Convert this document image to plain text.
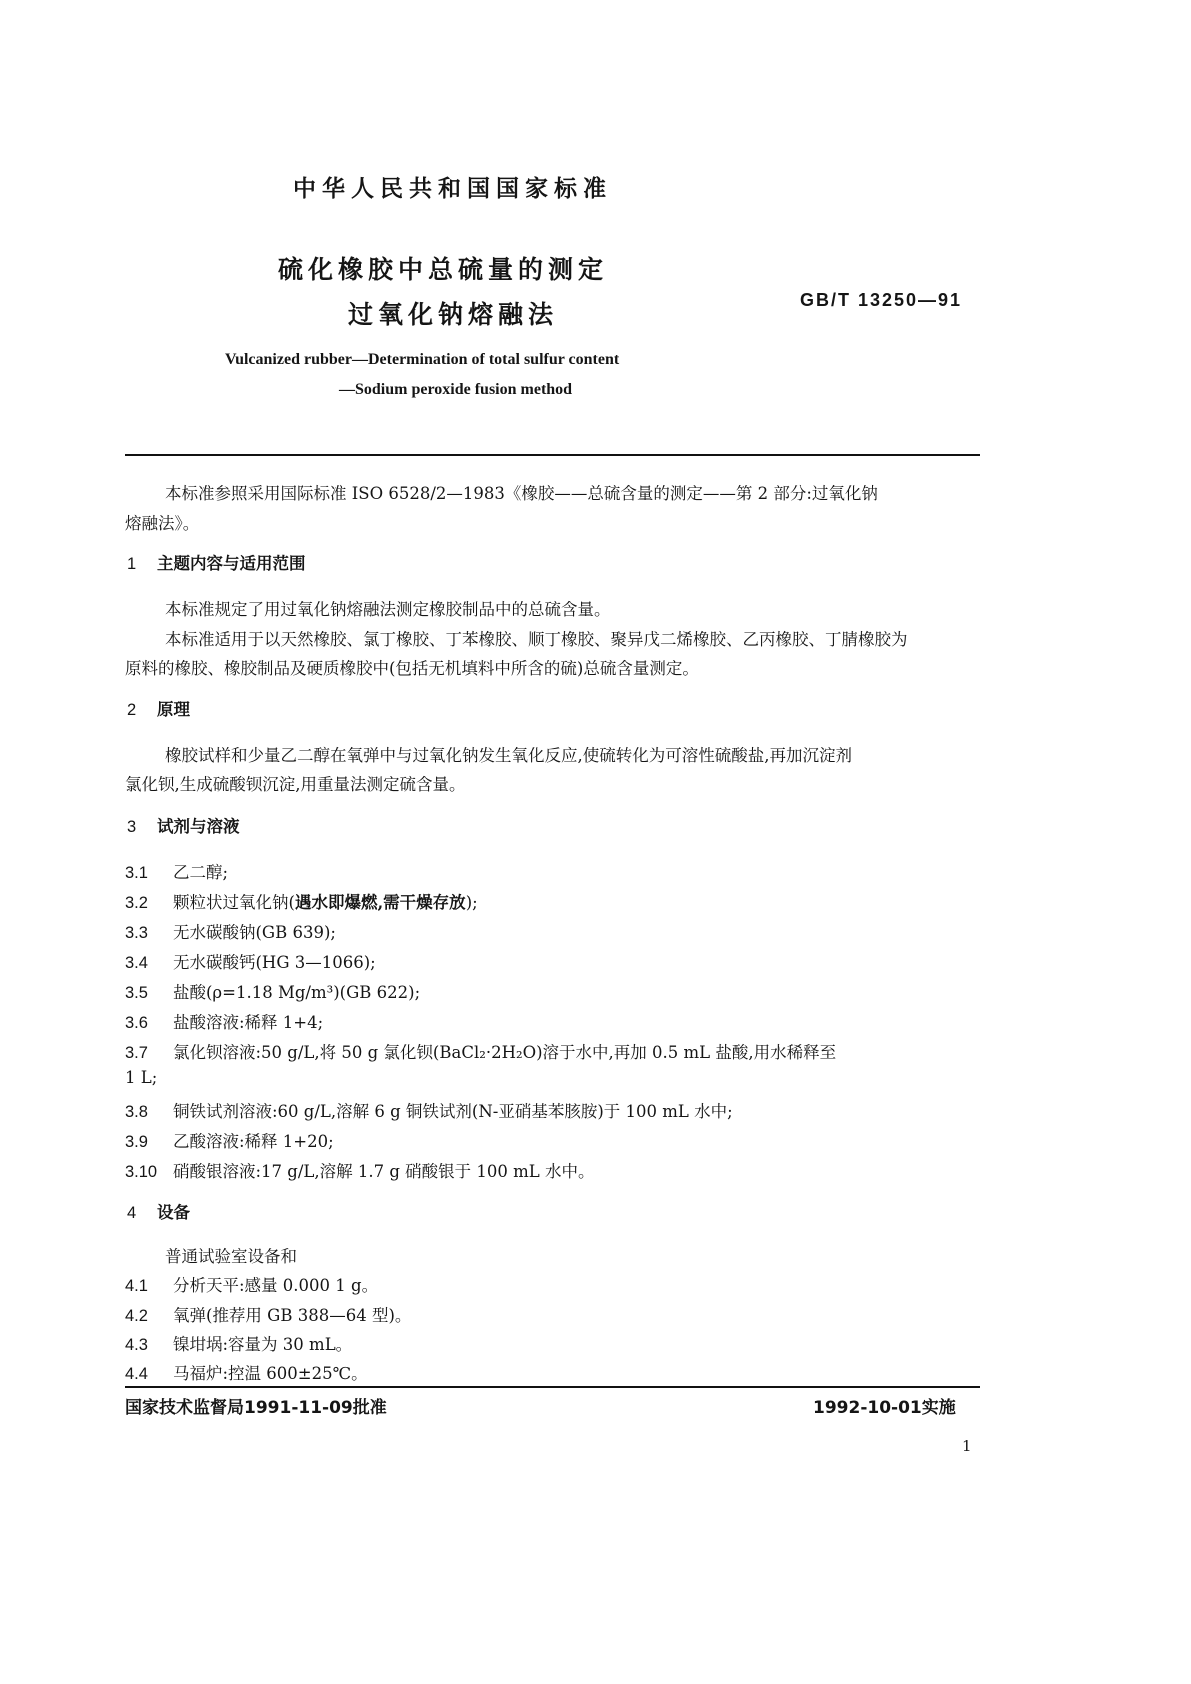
中华人民共和国国家标准
硫化橡胶中总硫量的测定
过氧化钠熔融法	GB/T 13250—91
Vulcanized rubber—Determination of total sulfur content
—Sodium peroxide fusion method
本标准参照采用国际标准 ISO 6528/2—1983《橡胶——总硫含量的测定——第 2 部分:过氧化钠
熔融法》。
1 主题内容与适用范围
本标准规定了用过氧化钠熔融法测定橡胶制品中的总硫含量。
本标准适用于以天然橡胶、氯丁橡胶、丁苯橡胶、顺丁橡胶、聚异戊二烯橡胶、乙丙橡胶、丁腈橡胶为
原料的橡胶、橡胶制品及硬质橡胶中(包括无机填料中所含的硫)总硫含量测定。
2 原理
橡胶试样和少量乙二醇在氧弹中与过氧化钠发生氧化反应,使硫转化为可溶性硫酸盐,再加沉淀剂
氯化钡,生成硫酸钡沉淀,用重量法测定硫含量。
3 试剂与溶液
3.1 乙二醇;
3.2 颗粒状过氧化钠(遇水即爆燃,需干燥存放);
3.3 无水碳酸钠(GB 639);
3.4 无水碳酸钙(HG 3—1066);
3.5 盐酸(ρ=1.18 Mg/m³)(GB 622);
3.6 盐酸溶液:稀释 1+4;
3.7 氯化钡溶液:50 g/L,将 50 g 氯化钡(BaCl₂·2H₂O)溶于水中,再加 0.5 mL 盐酸,用水稀释至
1 L;
3.8 铜铁试剂溶液:60 g/L,溶解 6 g 铜铁试剂(N-亚硝基苯胲胺)于 100 mL 水中;
3.9 乙酸溶液:稀释 1+20;
3.10 硝酸银溶液:17 g/L,溶解 1.7 g 硝酸银于 100 mL 水中。
4 设备
普通试验室设备和
4.1 分析天平:感量 0.000 1 g。
4.2 氧弹(推荐用 GB 388—64 型)。
4.3 镍坩埚:容量为 30 mL。
4.4 马福炉:控温 600±25℃。
国家技术监督局1991-11-09批准	1992-10-01实施
1
